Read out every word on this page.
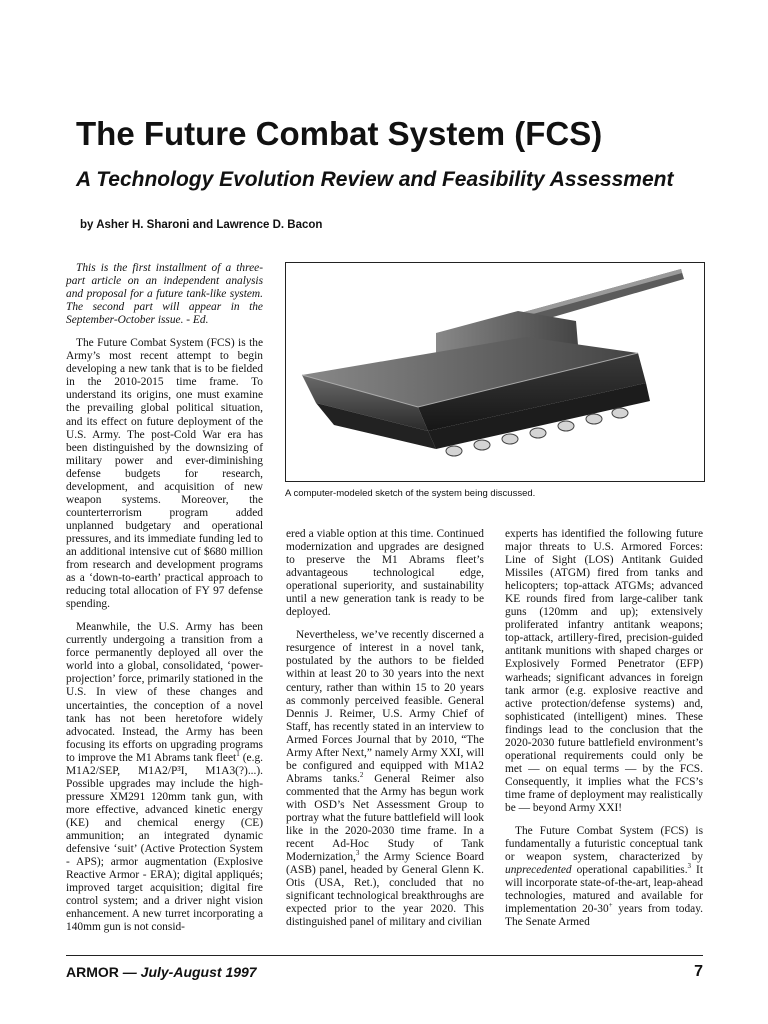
The Future Combat System (FCS)
A Technology Evolution Review and Feasibility Assessment
by Asher H. Sharoni and Lawrence D. Bacon

This is the first installment of a three-part article on an independent analysis and proposal for a future tank-like system. The second part will appear in the September-October issue. - Ed.

The Future Combat System (FCS) is the Army’s most recent attempt to begin developing a new tank that is to be fielded in the 2010-2015 time frame. To understand its origins, one must examine the prevailing global political situation, and its effect on future deployment of the U.S. Army. The post-Cold War era has been distinguished by the downsizing of military power and ever-diminishing defense budgets for research, development, and acquisition of new weapon systems. Moreover, the counterterrorism program added unplanned budgetary and operational pressures, and its immediate funding led to an additional intensive cut of $680 million from research and development programs as a ‘down-to-earth’ practical approach to reducing total allocation of FY 97 defense spending.

Meanwhile, the U.S. Army has been currently undergoing a transition from a force permanently deployed all over the world into a global, consolidated, ‘power-projection’ force, primarily stationed in the U.S. In view of these changes and uncertainties, the conception of a novel tank has not been heretofore widely advocated. Instead, the Army has been focusing its efforts on upgrading programs to improve the M1 Abrams tank fleet$^1$ (e.g. M1A2/SEP, M1A2/P³I, M1A3(?)...). Possible upgrades may include the high-pressure XM291 120mm tank gun, with more effective, advanced kinetic energy (KE) and chemical energy (CE) ammunition; an integrated dynamic defensive ‘suit’ (Active Protection System - APS); armor augmentation (Explosive Reactive Armor - ERA); digital appliqués; improved target acquisition; digital fire control system; and a driver night vision enhancement. A new turret incorporating a 140mm gun is not consid-

A computer-modeled sketch of the system being discussed.

ered a viable option at this time. Continued modernization and upgrades are designed to preserve the M1 Abrams fleet’s advantageous technological edge, operational superiority, and sustainability until a new generation tank is ready to be deployed.

Nevertheless, we’ve recently discerned a resurgence of interest in a novel tank, postulated by the authors to be fielded within at least 20 to 30 years into the next century, rather than within 15 to 20 years as commonly perceived feasible. General Dennis J. Reimer, U.S. Army Chief of Staff, has recently stated in an interview to Armed Forces Journal that by 2010, “The Army After Next,” namely Army XXI, will be configured and equipped with M1A2 Abrams tanks.$^2$ General Reimer also commented that the Army has begun work with OSD’s Net Assessment Group to portray what the future battlefield will look like in the 2020-2030 time frame. In a recent Ad-Hoc Study of Tank Modernization,$^3$ the Army Science Board (ASB) panel, headed by General Glenn K. Otis (USA, Ret.), concluded that no significant technological breakthroughs are expected prior to the year 2020. This distinguished panel of military and civilian

experts has identified the following future major threats to U.S. Armored Forces: Line of Sight (LOS) Antitank Guided Missiles (ATGM) fired from tanks and helicopters; top-attack ATGMs; advanced KE rounds fired from large-caliber tank guns (120mm and up); extensively proliferated infantry antitank weapons; top-attack, artillery-fired, precision-guided antitank munitions with shaped charges or Explosively Formed Penetrator (EFP) warheads; significant advances in foreign tank armor (e.g. explosive reactive and active protection/defense systems) and, sophisticated (intelligent) mines. These findings lead to the conclusion that the 2020-2030 future battlefield environment’s operational requirements could only be met — on equal terms — by the FCS. Consequently, it implies what the FCS’s time frame of deployment may realistically be — beyond Army XXI!

The Future Combat System (FCS) is fundamentally a futuristic conceptual tank or weapon system, characterized by unprecedented operational capabilities.$^3$ It will incorporate state-of-the-art, leap-ahead technologies, matured and available for implementation 20-30+ years from today. The Senate Armed

ARMOR — July-August 1997	7
